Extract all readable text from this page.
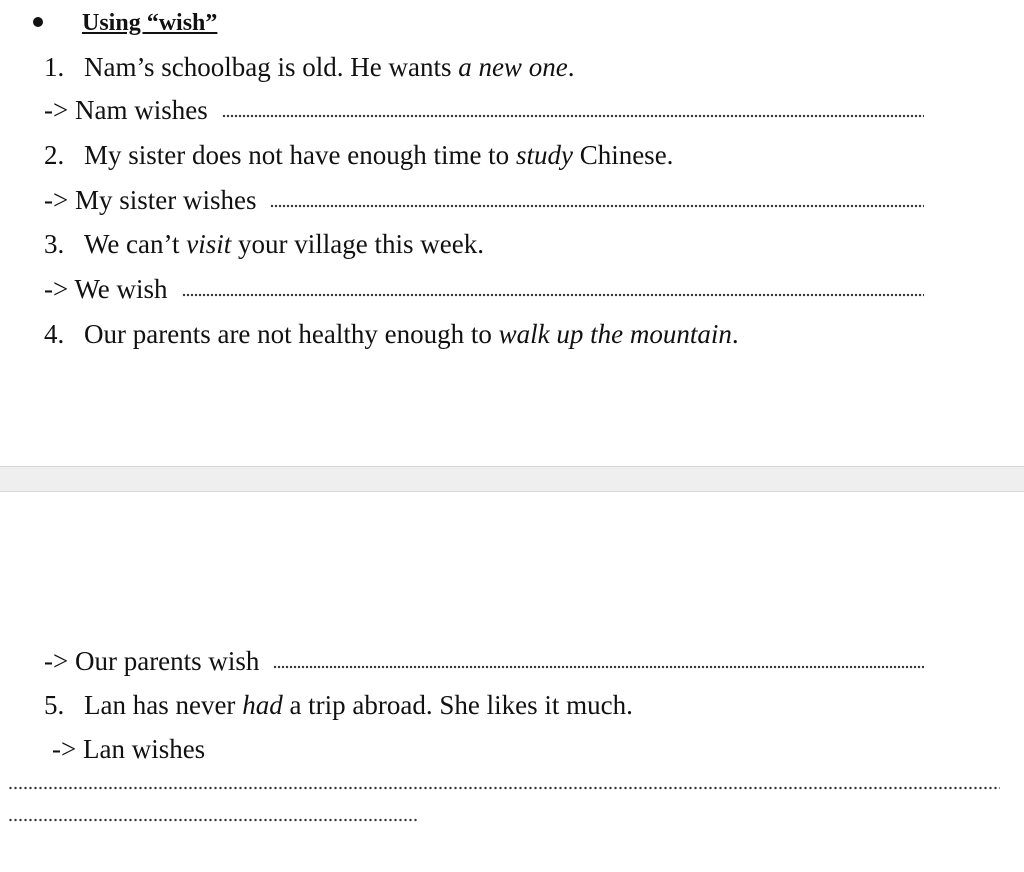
Using “wish”
1. Nam’s schoolbag is old. He wants a new one .
-> Nam wishes
2. My sister does not have enough time to study Chinese.
-> My sister wishes
3. We can’t visit your village this week.
-> We wish
4. Our parents are not healthy enough to walk up the mountain .
-> Our parents wish
5. Lan has never had a trip abroad. She likes it much.
-> Lan wishes
